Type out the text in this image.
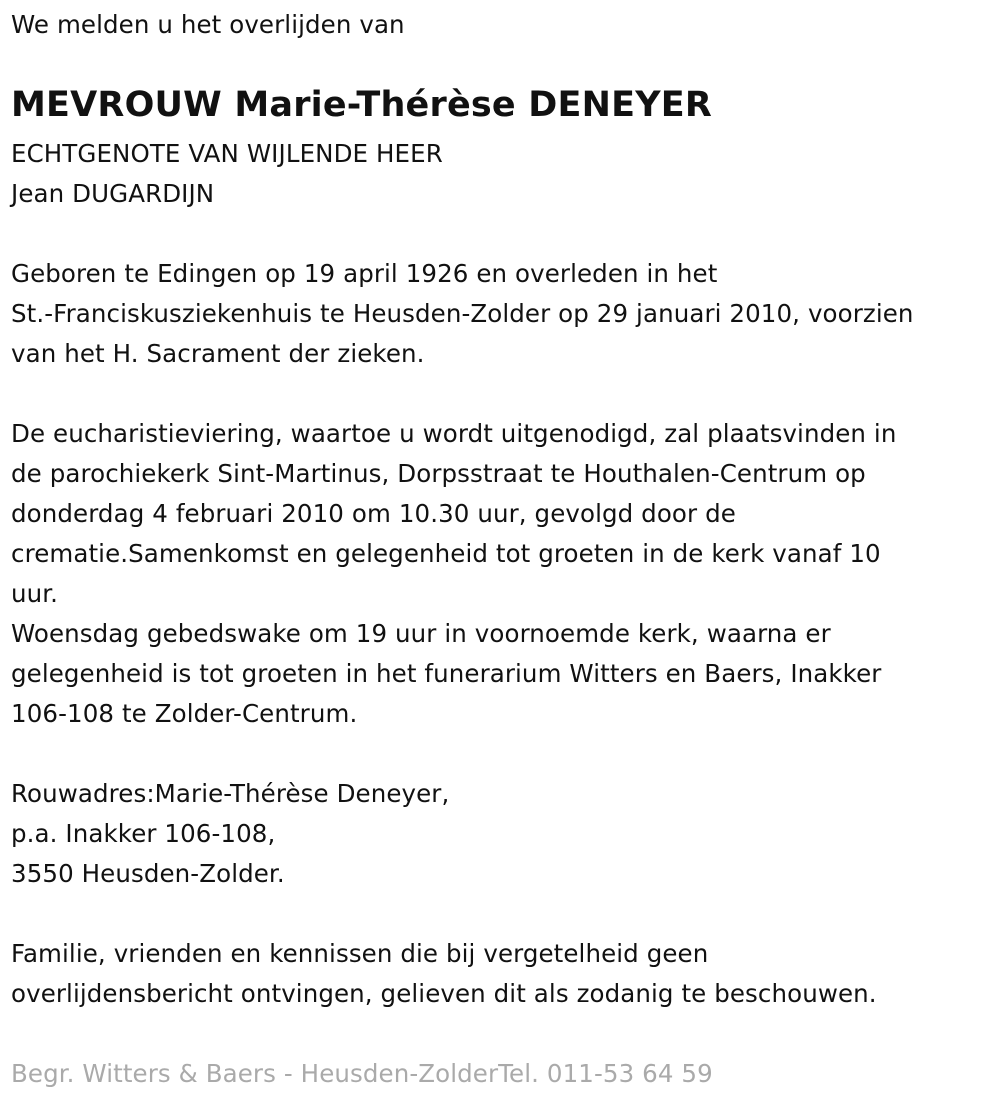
We melden u het overlijden van
MEVROUW Marie-Thérèse DENEYER
ECHTGENOTE VAN WIJLENDE HEER
Jean DUGARDIJN
Geboren te Edingen op 19 april 1926 en overleden in het
St.-Franciskusziekenhuis te Heusden-Zolder op 29 januari 2010, voorzien
van het H. Sacrament der zieken.
De eucharistieviering, waartoe u wordt uitgenodigd, zal plaatsvinden in
de parochiekerk Sint-Martinus, Dorpsstraat te Houthalen-Centrum op
donderdag 4 februari 2010 om 10.30 uur, gevolgd door de
crematie.Samenkomst en gelegenheid tot groeten in de kerk vanaf 10
uur.
Woensdag gebedswake om 19 uur in voornoemde kerk, waarna er
gelegenheid is tot groeten in het funerarium Witters en Baers, Inakker
106-108 te Zolder-Centrum.
Rouwadres:Marie-Thérèse Deneyer,
p.a. Inakker 106-108,
3550 Heusden-Zolder.
Familie, vrienden en kennissen die bij vergetelheid geen
overlijdensbericht ontvingen, gelieven dit als zodanig te beschouwen.
Begr. Witters & Baers - Heusden-ZolderTel. 011-53 64 59
